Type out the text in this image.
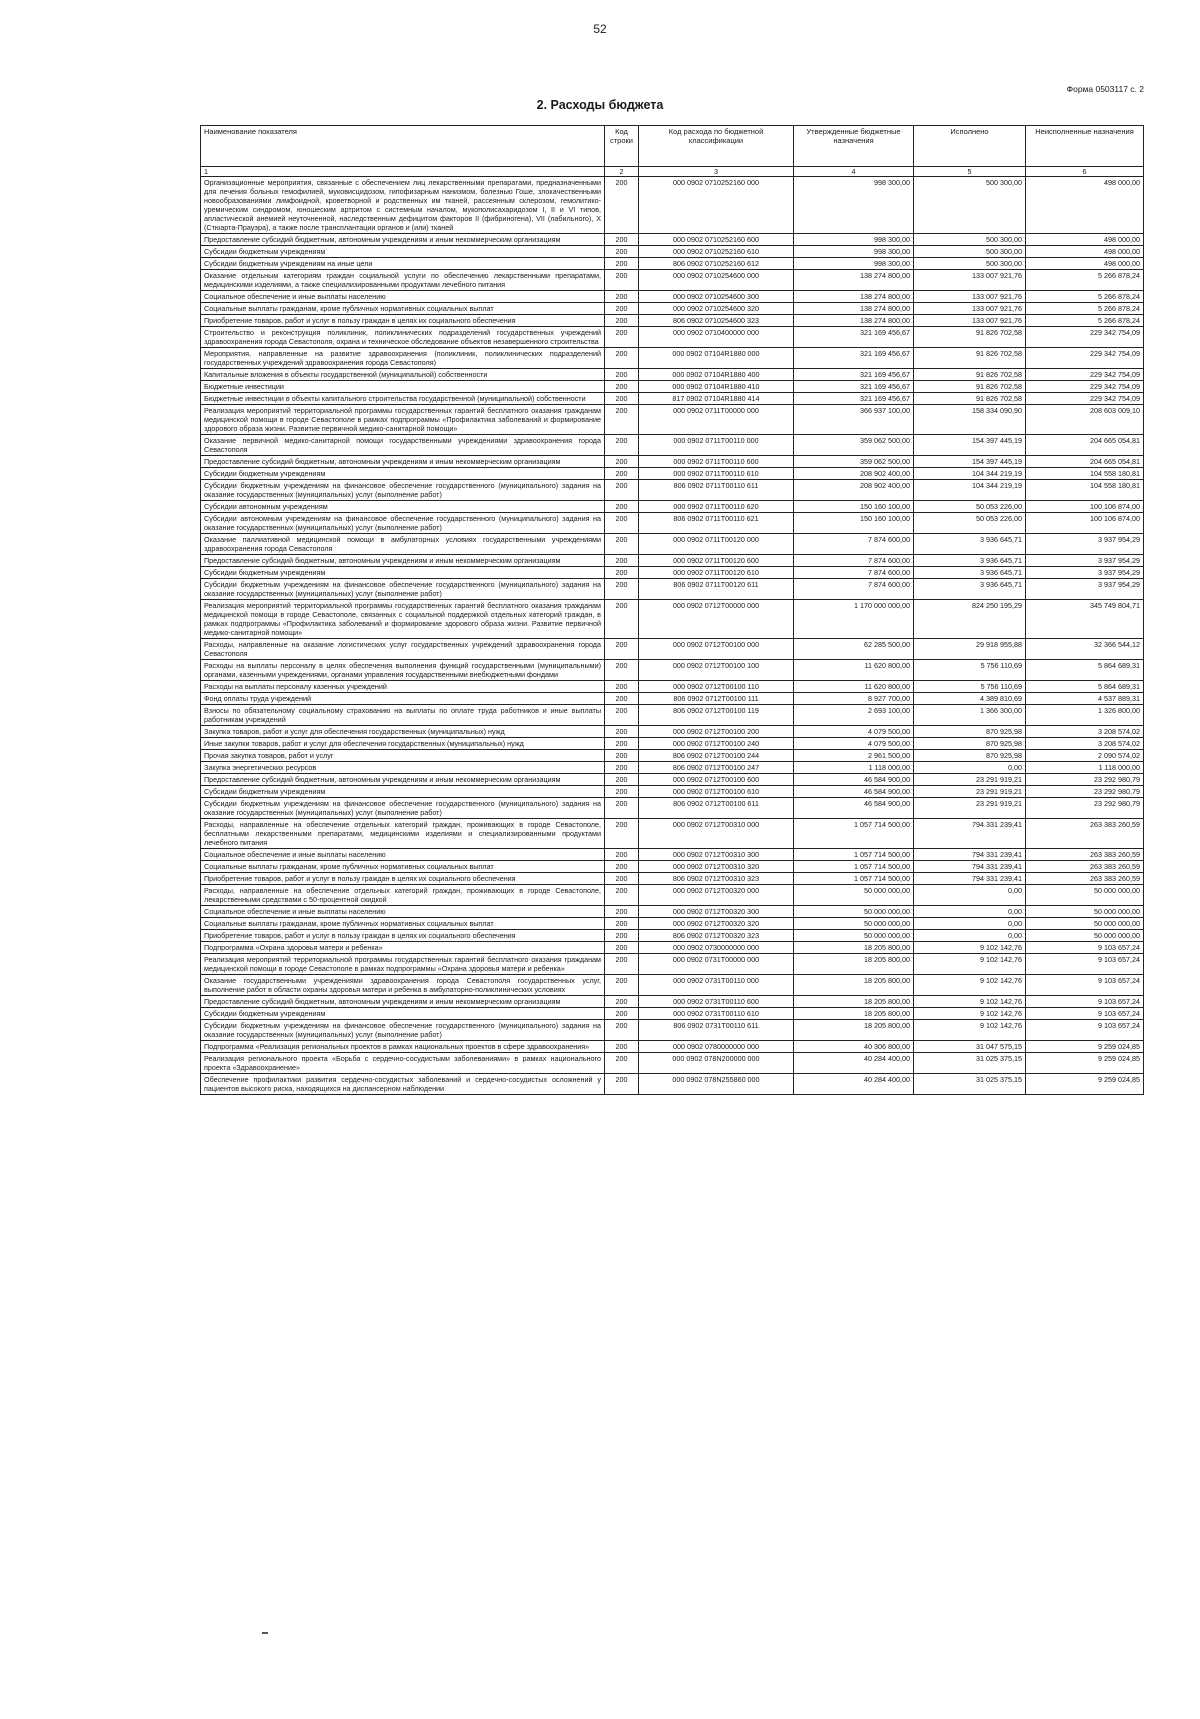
52
Форма 0503117 с. 2
2. Расходы бюджета
Наименование показателя	Код строки	Код расхода по бюджетной классификации	Утвержденные бюджетные назначения	Исполнено	Неисполненные назначения
1	2	3	4	5	6
Организационные мероприятия, связанные с обеспечением лиц лекарственными препаратами, предназначенными для лечения больных гемофилией, муковисцидозом, гипофизарным нанизмом, болезнью Гоше, злокачественными новообразованиями лимфоидной, кроветворной и родственных им тканей, рассеянным склерозом, гемолитико-уремическим синдромом, юношеским артритом с системным началом, мукополисахаридозом I, II и VI типов, апластической анемией неуточненной, наследственным дефицитом факторов II (фибриногена), VII (лабильного), X (Стюарта-Прауэра), а также после трансплантации органов и (или) тканей	200	000 0902 0710252160 000	998 300,00	500 300,00	498 000,00
Предоставление субсидий бюджетным, автономным учреждениям и иным некоммерческим организациям	200	000 0902 0710252160 600	998 300,00	500 300,00	498 000,00
Субсидии бюджетным учреждениям	200	000 0902 0710252160 610	998 300,00	500 300,00	498 000,00
Субсидии бюджетным учреждениям на иные цели	200	806 0902 0710252160 612	998 300,00	500 300,00	498 000,00
Оказание отдельным категориям граждан социальной услуги по обеспечению лекарственными препаратами, медицинскими изделиями, а также специализированными продуктами лечебного питания	200	000 0902 0710254600 000	138 274 800,00	133 007 921,76	5 266 878,24
Социальное обеспечение и иные выплаты населению	200	000 0902 0710254600 300	138 274 800,00	133 007 921,76	5 266 878,24
Социальные выплаты гражданам, кроме публичных нормативных социальных выплат	200	000 0902 0710254600 320	138 274 800,00	133 007 921,76	5 266 878,24
Приобретение товаров, работ и услуг в пользу граждан в целях их социального обеспечения	200	806 0902 0710254600 323	138 274 800,00	133 007 921,76	5 266 878,24
Строительство и реконструкция поликлиник, поликлинических подразделений государственных учреждений здравоохранения города Севастополя, охрана и техническое обследование объектов незавершенного строительства	200	000 0902 0710400000 000	321 169 456,67	91 826 702,58	229 342 754,09
Мероприятия, направленные на развитие здравоохранения (поликлиник, поликлинических подразделений государственных учреждений здравоохранения города Севастополя)	200	000 0902 07104R1880 000	321 169 456,67	91 826 702,58	229 342 754,09
Капитальные вложения в объекты государственной (муниципальной) собственности	200	000 0902 07104R1880 400	321 169 456,67	91 826 702,58	229 342 754,09
Бюджетные инвестиции	200	000 0902 07104R1880 410	321 169 456,67	91 826 702,58	229 342 754,09
Бюджетные инвестиции в объекты капитального строительства государственной (муниципальной) собственности	200	817 0902 07104R1880 414	321 169 456,67	91 826 702,58	229 342 754,09
Реализация мероприятий территориальной программы государственных гарантий бесплатного оказания гражданам медицинской помощи в городе Севастополе в рамках подпрограммы «Профилактика заболеваний и формирование здорового образа жизни. Развитие первичной медико-санитарной помощи»	200	000 0902 0711T00000 000	366 937 100,00	158 334 090,90	208 603 009,10
Оказание первичной медико-санитарной помощи государственными учреждениями здравоохранения города Севастополя	200	000 0902 0711T00110 000	359 062 500,00	154 397 445,19	204 665 054,81
Предоставление субсидий бюджетным, автономным учреждениям и иным некоммерческим организациям	200	000 0902 0711T00110 600	359 062 500,00	154 397 445,19	204 665 054,81
Субсидии бюджетным учреждениям	200	000 0902 0711T00110 610	208 902 400,00	104 344 219,19	104 558 180,81
Субсидии бюджетным учреждениям на финансовое обеспечение государственного (муниципального) задания на оказание государственных (муниципальных) услуг (выполнение работ)	200	806 0902 0711T00110 611	208 902 400,00	104 344 219,19	104 558 180,81
Субсидии автономным учреждениям	200	000 0902 0711T00110 620	150 160 100,00	50 053 226,00	100 106 874,00
Субсидии автономным учреждениям на финансовое обеспечение государственного (муниципального) задания на оказание государственных (муниципальных) услуг (выполнение работ)	200	806 0902 0711T00110 621	150 160 100,00	50 053 226,00	100 106 874,00
Оказание паллиативной медицинской помощи в амбулаторных условиях государственными учреждениями здравоохранения города Севастополя	200	000 0902 0711T00120 000	7 874 600,00	3 936 645,71	3 937 954,29
Предоставление субсидий бюджетным, автономным учреждениям и иным некоммерческим организациям	200	000 0902 0711T00120 600	7 874 600,00	3 936 645,71	3 937 954,29
Субсидии бюджетным учреждениям	200	000 0902 0711T00120 610	7 874 600,00	3 936 645,71	3 937 954,29
Субсидии бюджетным учреждениям на финансовое обеспечение государственного (муниципального) задания на оказание государственных (муниципальных) услуг (выполнение работ)	200	806 0902 0711T00120 611	7 874 600,00	3 936 645,71	3 937 954,29
Реализация мероприятий территориальной программы государственных гарантий бесплатного оказания гражданам медицинской помощи в городе Севастополе, связанных с социальной поддержкой отдельных категорий граждан, в рамках подпрограммы «Профилактика заболеваний и формирование здорового образа жизни. Развитие первичной медико-санитарной помощи»	200	000 0902 0712T00000 000	1 170 000 000,00	824 250 195,29	345 749 804,71
Расходы, направленные на оказание логистических услуг государственных учреждений здравоохранения города Севастополя	200	000 0902 0712T00100 000	62 285 500,00	29 918 955,88	32 366 544,12
Расходы на выплаты персоналу в целях обеспечения выполнения функций государственными (муниципальными) органами, казенными учреждениями, органами управления государственными внебюджетными фондами	200	000 0902 0712T00100 100	11 620 800,00	5 756 110,69	5 864 689,31
Расходы на выплаты персоналу казенных учреждений	200	000 0902 0712T00100 110	11 620 800,00	5 756 110,69	5 864 689,31
Фонд оплаты труда учреждений	200	806 0902 0712T00100 111	8 927 700,00	4 389 810,69	4 537 889,31
Взносы по обязательному социальному страхованию на выплаты по оплате труда работников и иные выплаты работникам учреждений	200	806 0902 0712T00100 119	2 693 100,00	1 366 300,00	1 326 800,00
Закупка товаров, работ и услуг для обеспечения государственных (муниципальных) нужд	200	000 0902 0712T00100 200	4 079 500,00	870 925,98	3 208 574,02
Иные закупки товаров, работ и услуг для обеспечения государственных (муниципальных) нужд	200	000 0902 0712T00100 240	4 079 500,00	870 925,98	3 208 574,02
Прочая закупка товаров, работ и услуг	200	806 0902 0712T00100 244	2 961 500,00	870 925,98	2 090 574,02
Закупка энергетических ресурсов	200	806 0902 0712T00100 247	1 118 000,00	0,00	1 118 000,00
Предоставление субсидий бюджетным, автономным учреждениям и иным некоммерческим организациям	200	000 0902 0712T00100 600	46 584 900,00	23 291 919,21	23 292 980,79
Субсидии бюджетным учреждениям	200	000 0902 0712T00100 610	46 584 900,00	23 291 919,21	23 292 980,79
Субсидии бюджетным учреждениям на финансовое обеспечение государственного (муниципального) задания на оказание государственных (муниципальных) услуг (выполнение работ)	200	806 0902 0712T00100 611	46 584 900,00	23 291 919,21	23 292 980,79
Расходы, направленные на обеспечение отдельных категорий граждан, проживающих в городе Севастополе, бесплатными лекарственными препаратами, медицинскими изделиями и специализированными продуктами лечебного питания	200	000 0902 0712T00310 000	1 057 714 500,00	794 331 239,41	263 383 260,59
Социальное обеспечение и иные выплаты населению	200	000 0902 0712T00310 300	1 057 714 500,00	794 331 239,41	263 383 260,59
Социальные выплаты гражданам, кроме публичных нормативных социальных выплат	200	000 0902 0712T00310 320	1 057 714 500,00	794 331 239,41	263 383 260,59
Приобретение товаров, работ и услуг в пользу граждан в целях их социального обеспечения	200	806 0902 0712T00310 323	1 057 714 500,00	794 331 239,41	263 383 260,59
Расходы, направленные на обеспечение отдельных категорий граждан, проживающих в городе Севастополе, лекарственными средствами с 50-процентной скидкой	200	000 0902 0712T00320 000	50 000 000,00	0,00	50 000 000,00
Социальное обеспечение и иные выплаты населению	200	000 0902 0712T00320 300	50 000 000,00	0,00	50 000 000,00
Социальные выплаты гражданам, кроме публичных нормативных социальных выплат	200	000 0902 0712T00320 320	50 000 000,00	0,00	50 000 000,00
Приобретение товаров, работ и услуг в пользу граждан в целях их социального обеспечения	200	806 0902 0712T00320 323	50 000 000,00	0,00	50 000 000,00
Подпрограмма «Охрана здоровья матери и ребенка»	200	000 0902 0730000000 000	18 205 800,00	9 102 142,76	9 103 657,24
Реализация мероприятий территориальной программы государственных гарантий бесплатного оказания гражданам медицинской помощи в городе Севастополе в рамках подпрограммы «Охрана здоровья матери и ребенка»	200	000 0902 0731T00000 000	18 205 800,00	9 102 142,76	9 103 657,24
Оказание государственными учреждениями здравоохранения города Севастополя государственных услуг, выполнение работ в области охраны здоровья матери и ребенка в амбулаторно-поликлинических условиях	200	000 0902 0731T00110 000	18 205 800,00	9 102 142,76	9 103 657,24
Предоставление субсидий бюджетным, автономным учреждениям и иным некоммерческим организациям	200	000 0902 0731T00110 600	18 205 800,00	9 102 142,76	9 103 657,24
Субсидии бюджетным учреждениям	200	000 0902 0731T00110 610	18 205 800,00	9 102 142,76	9 103 657,24
Субсидии бюджетным учреждениям на финансовое обеспечение государственного (муниципального) задания на оказание государственных (муниципальных) услуг (выполнение работ)	200	806 0902 0731T00110 611	18 205 800,00	9 102 142,76	9 103 657,24
Подпрограмма «Реализация региональных проектов в рамках национальных проектов в сфере здравоохранения»	200	000 0902 0780000000 000	40 306 800,00	31 047 575,15	9 259 024,85
Реализация регионального проекта «Борьба с сердечно-сосудистыми заболеваниями» в рамках национального проекта «Здравоохранение»	200	000 0902 078N200000 000	40 284 400,00	31 025 375,15	9 259 024,85
Обеспечение профилактики развития сердечно-сосудистых заболеваний и сердечно-сосудистых осложнений у пациентов высокого риска, находящихся на диспансерном наблюдении	200	000 0902 078N255860 000	40 284 400,00	31 025 375,15	9 259 024,85
